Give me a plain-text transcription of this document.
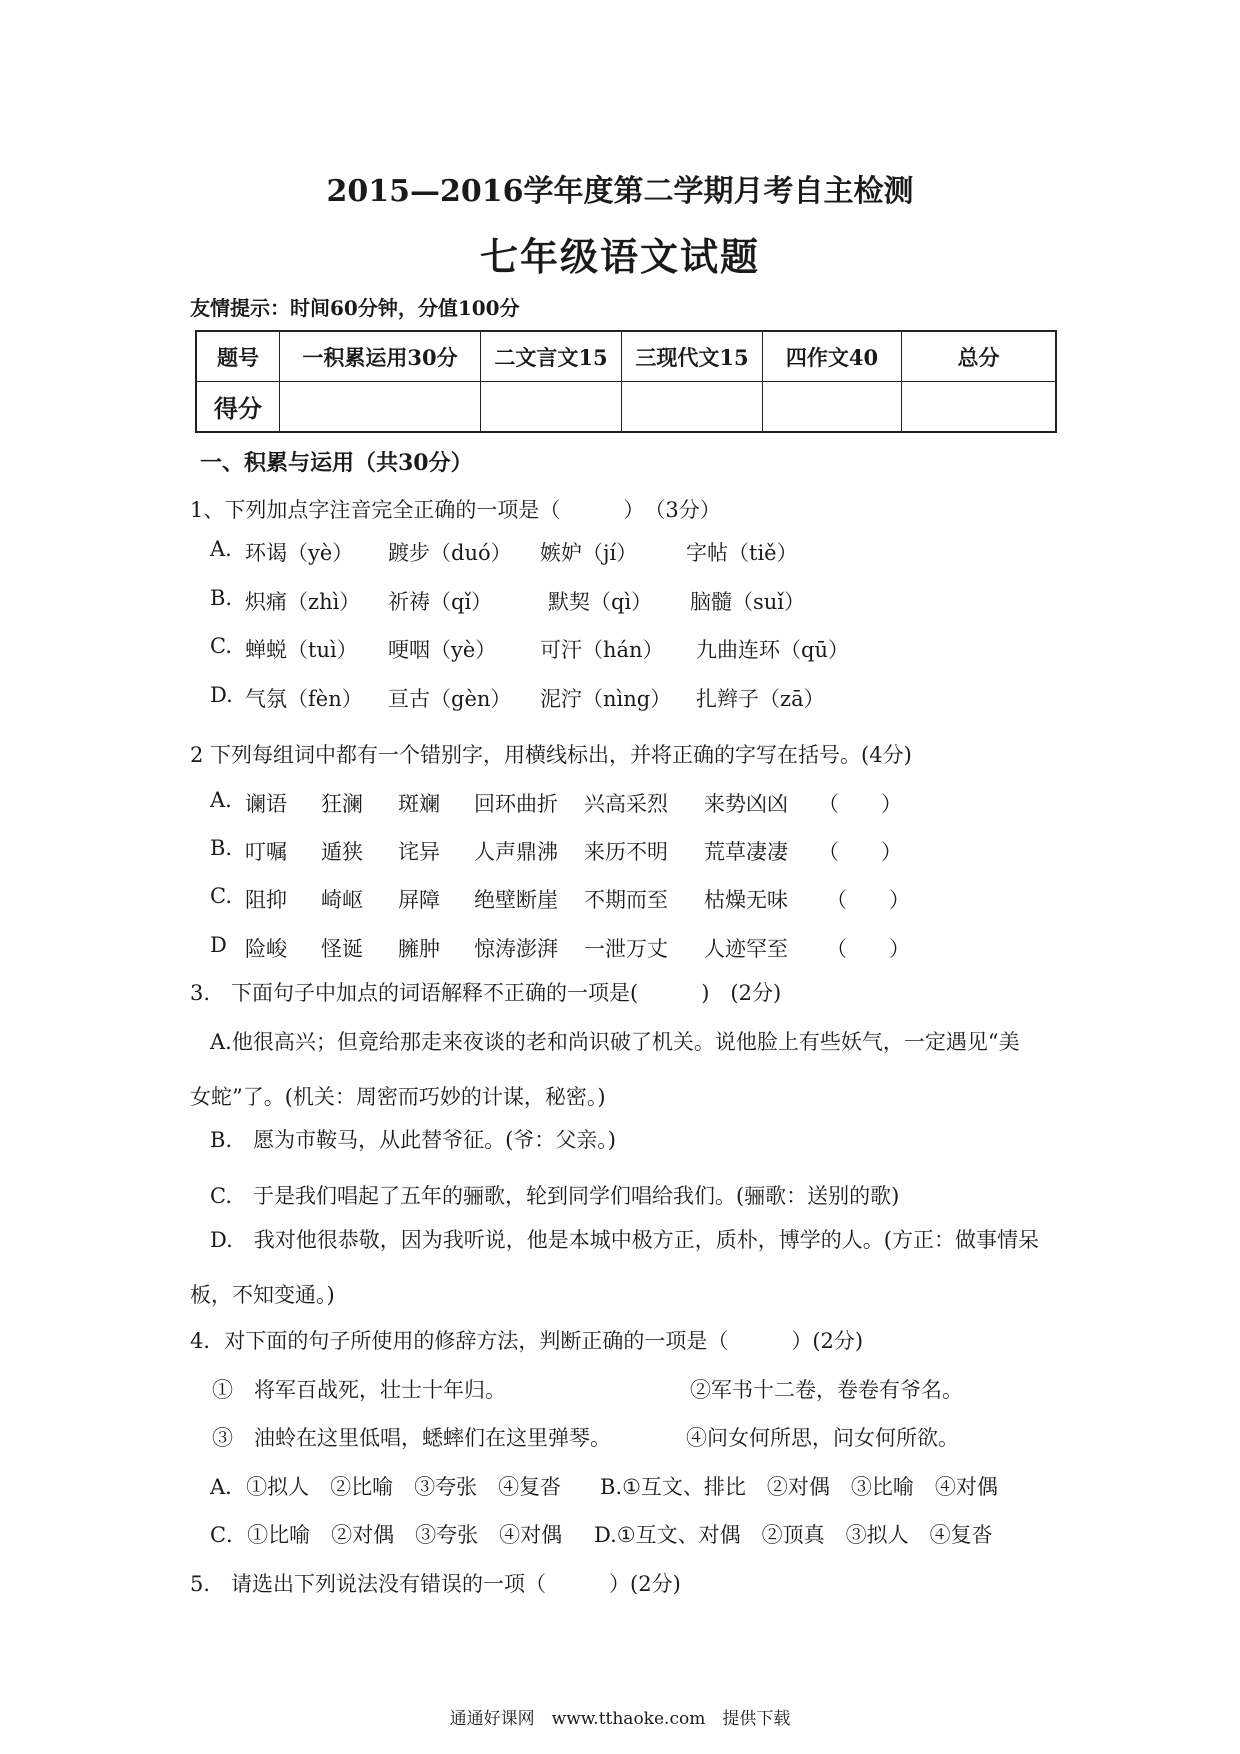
2015—2016学年度第二学期月考自主检测
七年级语文试题
友情提示：时间60分钟，分值100分
题号	一积累运用30分	二文言文15	三现代文15	四作文40	总分
得分					
一、积累与运用（共30分）
1、下列加点字注音完全正确的一项是（　　　）　（3分）
A. 环谒（yè） 踱步（duó） 嫉妒（jí） 字帖（tiě）
B. 炽痛（zhì） 祈祷（qǐ）	默契（qì） 脑髓（suǐ）
C. 蝉蜕（tuì） 哽咽（yè） 可汗（hán） 九曲连环（qū）
D. 气氛（fèn） 亘古（gèn） 泥泞（nìng） 扎辫子（zā）
2 下列每组词中都有一个错别字，用横线标出，并将正确的字写在括号。(4分)
A. 谰语 狂澜 斑斓 回环曲折 兴高采烈 来势凶凶 （　　）
B. 叮嘱 遁狭 诧异 人声鼎沸 来历不明 荒草凄凄 （　　）
C. 阻抑 崎岖 屏障 绝壁断崖 不期而至 枯燥无味 （　　）
D 险峻 怪诞 臃肿 惊涛澎湃 一泄万丈 人迹罕至 （　　）
3.　下面句子中加点的词语解释不正确的一项是(　　　)　(2分)
A.他很高兴；但竟给那走来夜谈的老和尚识破了机关。说他脸上有些妖气，一定遇见“美
女蛇”了。(机关：周密而巧妙的计谋，秘密。)
B.　愿为市鞍马，从此替爷征。(爷：父亲。)
C.　于是我们唱起了五年的骊歌，轮到同学们唱给我们。(骊歌：送别的歌)
D.　我对他很恭敬，因为我听说，他是本城中极方正，质朴，博学的人。(方正：做事情呆
板，不知变通。)
4．对下面的句子所使用的修辞方法，判断正确的一项是（　　　）(2分)
①　将军百战死，壮士十年归。	②军书十二卷，卷卷有爷名。
③　油蛉在这里低唱，蟋蟀们在这里弹琴。	④问女何所思，问女何所欲。
A．①拟人　②比喻　③夸张　④复沓 B.①互文、排比　②对偶　③比喻　④对偶
C．①比喻　②对偶　③夸张　④对偶 D.①互文、对偶　②顶真　③拟人　④复沓
5.　请选出下列说法没有错误的一项（　　　）(2分)
通通好课网　www.tthaoke.com　提供下载
